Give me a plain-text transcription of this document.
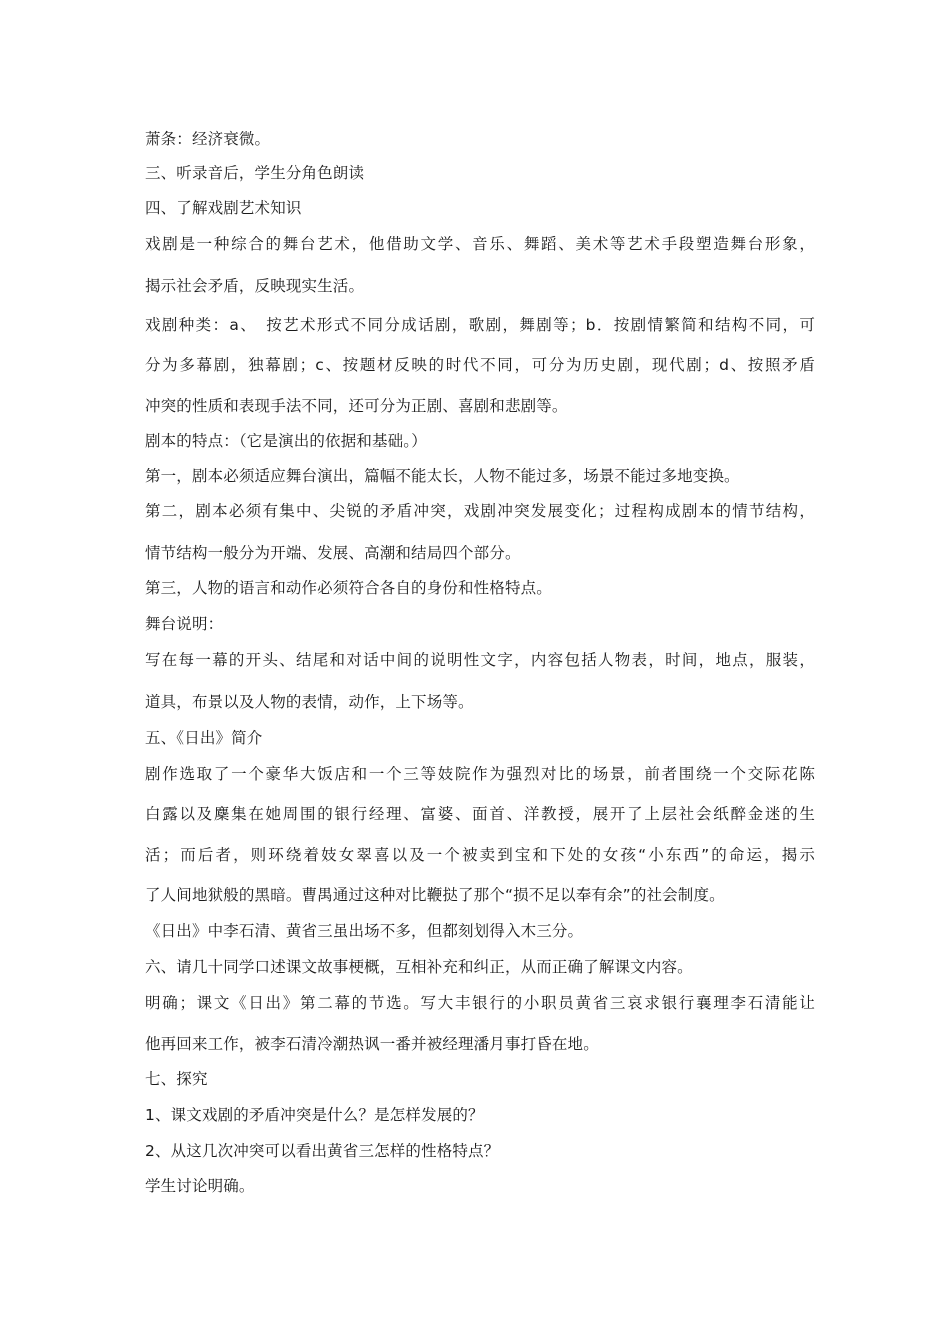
萧条：经济衰微。
三、听录音后，学生分角色朗读
四、了解戏剧艺术知识
戏剧是一种综合的舞台艺术，他借助文学、音乐、舞蹈、美术等艺术手段塑造舞台形象，
揭示社会矛盾，反映现实生活。
戏剧种类：a、　按艺术形式不同分成话剧，歌剧，舞剧等；b．按剧情繁简和结构不同，可
分为多幕剧，独幕剧；c、按题材反映的时代不同，可分为历史剧，现代剧；d、按照矛盾
冲突的性质和表现手法不同，还可分为正剧、喜剧和悲剧等。
剧本的特点：（它是演出的依据和基础。）
第一，剧本必须适应舞台演出，篇幅不能太长，人物不能过多，场景不能过多地变换。
第二，剧本必须有集中、尖锐的矛盾冲突，戏剧冲突发展变化；过程构成剧本的情节结构，
情节结构一般分为开端、发展、高潮和结局四个部分。
第三，人物的语言和动作必须符合各自的身份和性格特点。
舞台说明：
写在每一幕的开头、结尾和对话中间的说明性文字，内容包括人物表，时间，地点，服装，
道具，布景以及人物的表情，动作，上下场等。
五、《日出》简介
剧作选取了一个豪华大饭店和一个三等妓院作为强烈对比的场景，前者围绕一个交际花陈
白露以及麇集在她周围的银行经理、富婆、面首、洋教授，展开了上层社会纸醉金迷的生
活；而后者，则环绕着妓女翠喜以及一个被卖到宝和下处的女孩“小东西”的命运，揭示
了人间地狱般的黑暗。曹禺通过这种对比鞭挞了那个“损不足以奉有余”的社会制度。
《日出》中李石清、黄省三虽出场不多，但都刻划得入木三分。
六、请几十同学口述课文故事梗概，互相补充和纠正，从而正确了解课文内容。
明确；课文《日出》第二幕的节选。写大丰银行的小职员黄省三哀求银行襄理李石清能让
他再回来工作，被李石清冷潮热讽一番并被经理潘月事打昏在地。
七、探究
1、课文戏剧的矛盾冲突是什么？是怎样发展的？
2、从这几次冲突可以看出黄省三怎样的性格特点？
学生讨论明确。
